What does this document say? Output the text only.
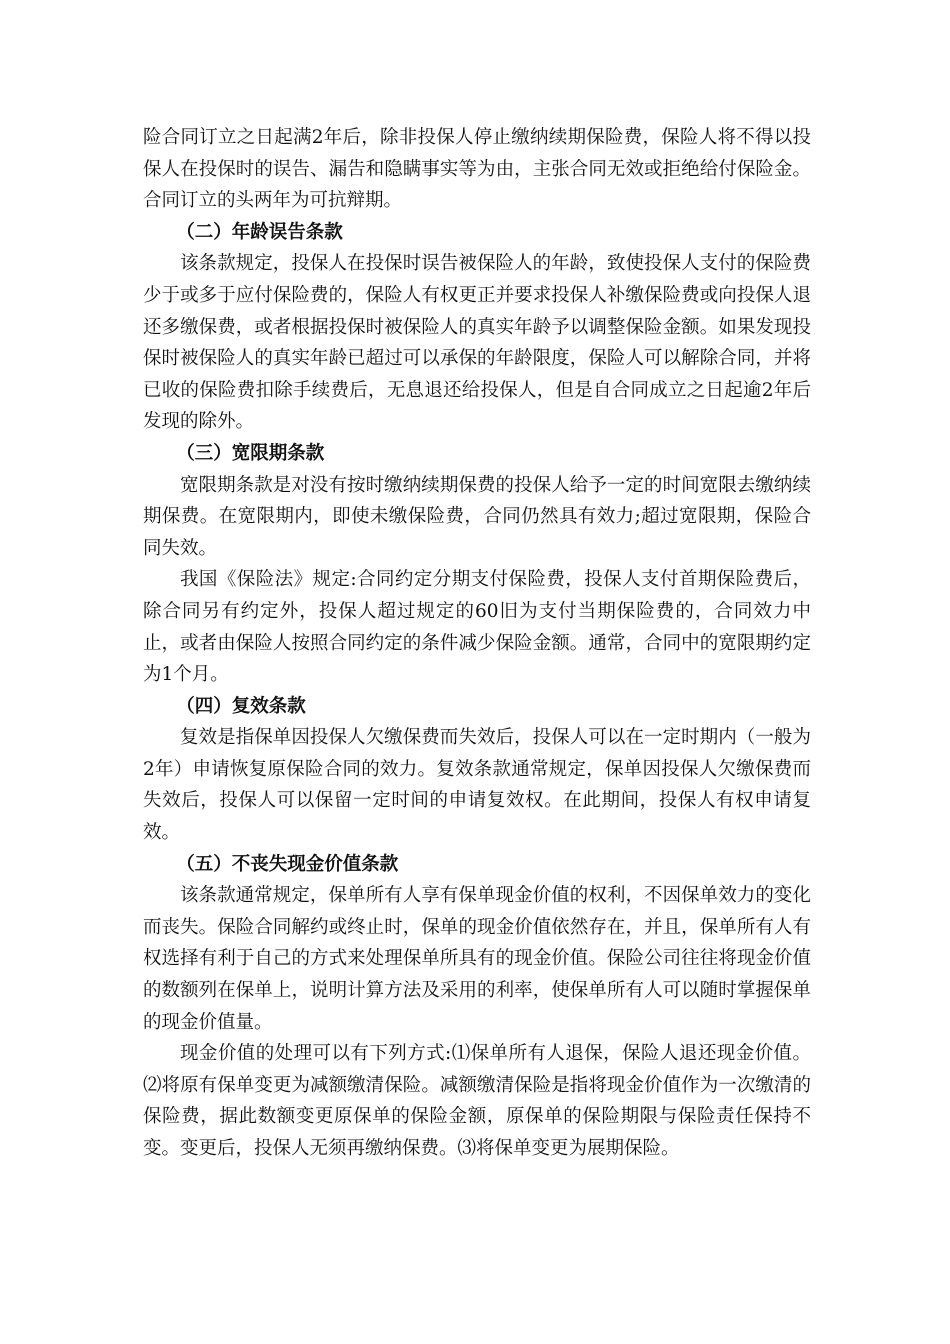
险合同订立之日起满2年后，除非投保人停止缴纳续期保险费，保险人将不得以投保人在投保时的误告、漏告和隐瞒事实等为由，主张合同无效或拒绝给付保险金。合同订立的头两年为可抗辩期。

（二）年龄误告条款

该条款规定，投保人在投保时误告被保险人的年龄，致使投保人支付的保险费少于或多于应付保险费的，保险人有权更正并要求投保人补缴保险费或向投保人退还多缴保费，或者根据投保时被保险人的真实年龄予以调整保险金额。如果发现投保时被保险人的真实年龄已超过可以承保的年龄限度，保险人可以解除合同，并将已收的保险费扣除手续费后，无息退还给投保人，但是自合同成立之日起逾2年后发现的除外。

（三）宽限期条款

宽限期条款是对没有按时缴纳续期保费的投保人给予一定的时间宽限去缴纳续期保费。在宽限期内，即使未缴保险费，合同仍然具有效力;超过宽限期，保险合同失效。

我国《保险法》规定:合同约定分期支付保险费，投保人支付首期保险费后，除合同另有约定外，投保人超过规定的60旧为支付当期保险费的，合同效力中止，或者由保险人按照合同约定的条件减少保险金额。通常，合同中的宽限期约定为1个月。

（四）复效条款

复效是指保单因投保人欠缴保费而失效后，投保人可以在一定时期内（一般为2年）申请恢复原保险合同的效力。复效条款通常规定，保单因投保人欠缴保费而失效后，投保人可以保留一定时间的申请复效权。在此期间，投保人有权申请复效。

（五）不丧失现金价值条款

该条款通常规定，保单所有人享有保单现金价值的权利，不因保单效力的变化而丧失。保险合同解约或终止时，保单的现金价值依然存在，并且，保单所有人有权选择有利于自己的方式来处理保单所具有的现金价值。保险公司往往将现金价值的数额列在保单上，说明计算方法及采用的利率，使保单所有人可以随时掌握保单的现金价值量。

现金价值的处理可以有下列方式:⑴保单所有人退保，保险人退还现金价值。⑵将原有保单变更为减额缴清保险。减额缴清保险是指将现金价值作为一次缴清的保险费，据此数额变更原保单的保险金额，原保单的保险期限与保险责任保持不变。变更后，投保人无须再缴纳保费。⑶将保单变更为展期保险。
